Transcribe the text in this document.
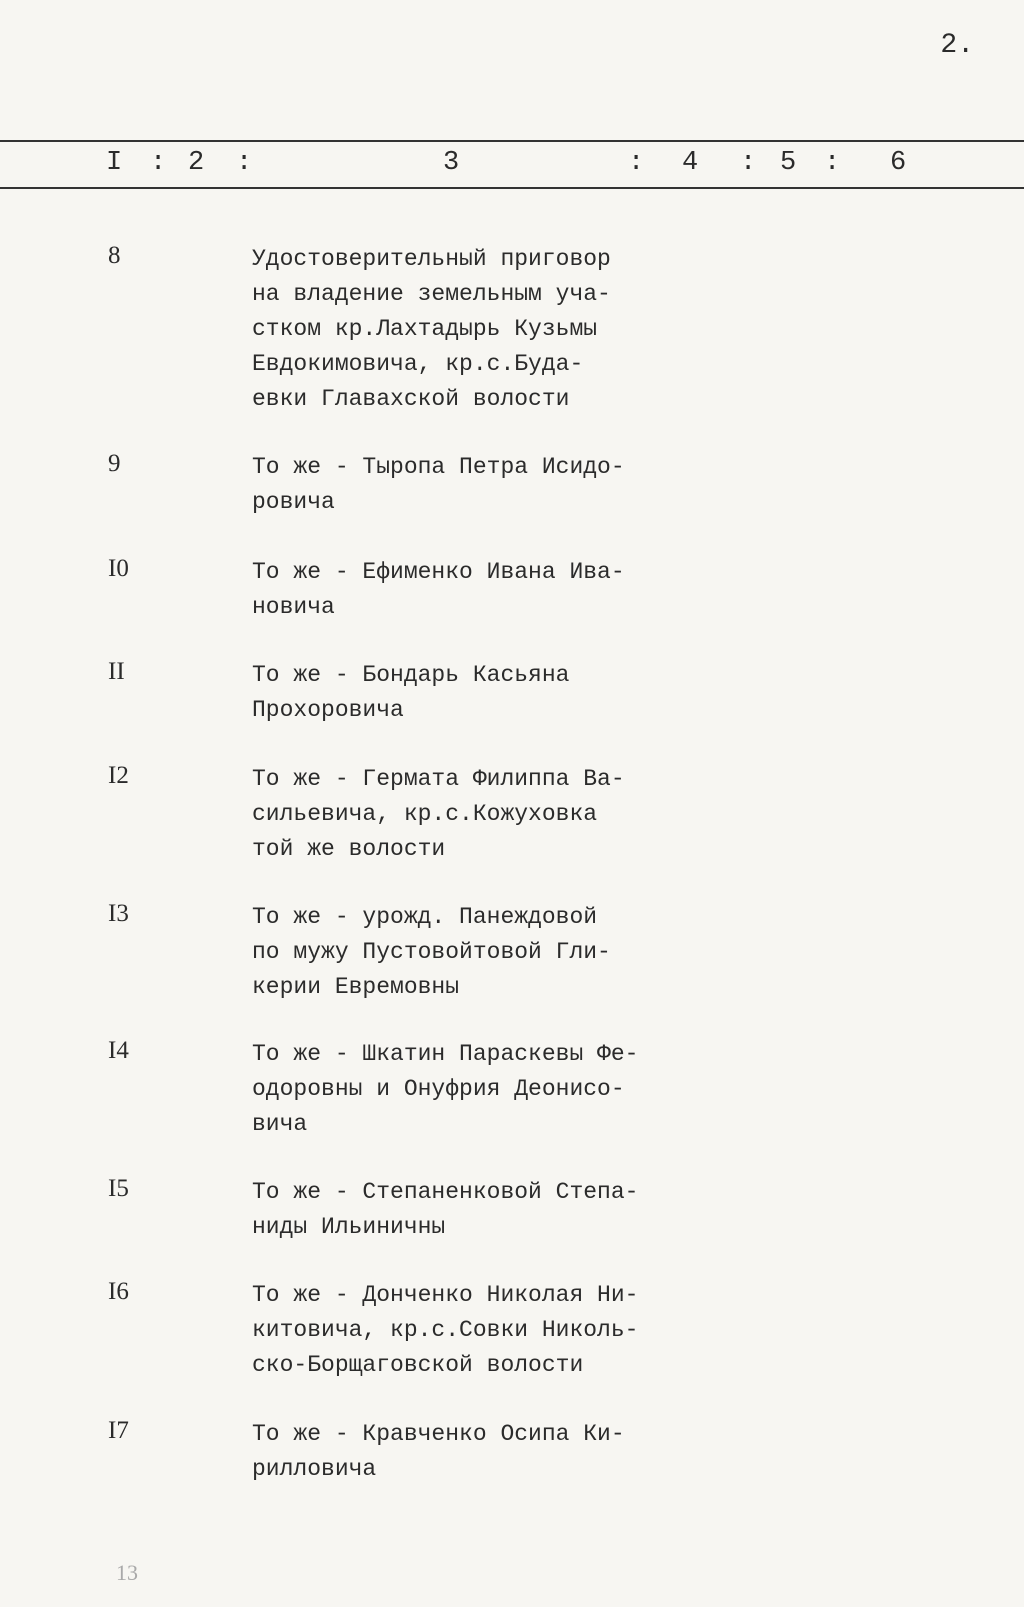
2.
I : 2 :	3	: 4 : 5 : 6
8	Удостоверительный приговор
на владение земельным уча-
стком кр.Лахтадырь Кузьмы
Евдокимовича, кр.с.Буда-
евки Главахской волости
9	То же - Тыропа Петра Исидо-
ровича
I0	То же - Ефименко Ивана Ива-
новича
II	То же - Бондарь Касьяна
Прохоровича
I2	То же - Гермата Филиппа Ва-
сильевича, кр.с.Кожуховка
той же волости
I3	То же - урожд. Панеждовой
по мужу Пустовойтовой Гли-
керии Евремовны
I4	То же - Шкатин Параскевы Фе-
одоровны и Онуфрия Деонисо-
вича
I5	То же - Степаненковой Степа-
ниды Ильиничны
I6	То же - Донченко Николая Ни-
китовича, кр.с.Совки Николь-
ско-Борщаговской волости
I7	То же - Кравченко Осипа Ки-
рилловича
13
